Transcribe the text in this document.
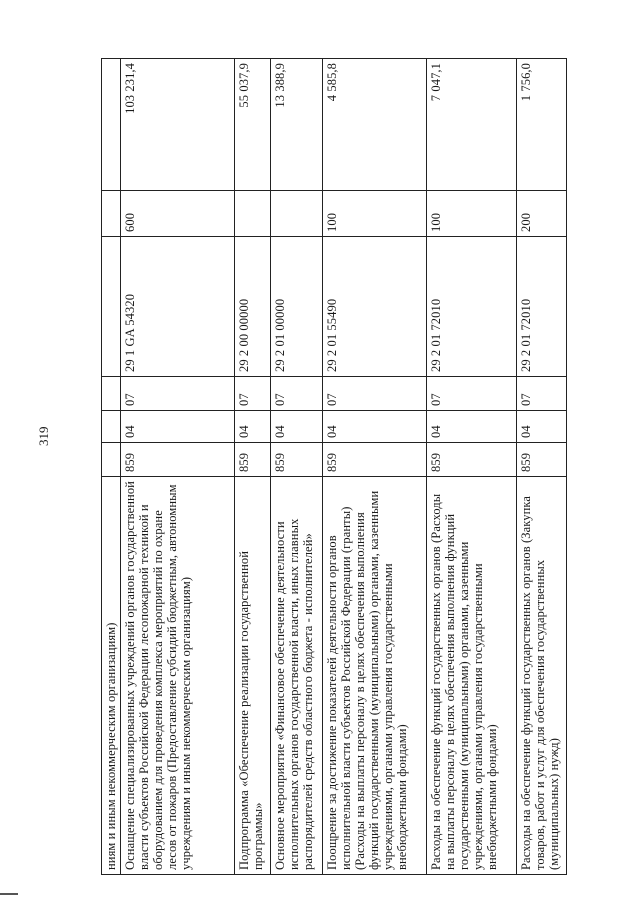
319
ниям и иным некоммерческим организациям)						
Оснащение специализированных учреждений органов государственной власти субъектов Российской Федерации лесопожарной техникой и оборудованием для проведения комплекса мероприятий по охране лесов от пожаров (Предоставление субсидий бюджетным, автономным учреждениям и иным некоммерческим организациям)	859	04	07	29 1 GA 54320	600	103 231,4
Подпрограмма «Обеспечение реализации государственной программы»	859	04	07	29 2 00 00000		55 037,9
Основное мероприятие «Финансовое обеспечение деятельности исполнительных органов государственной власти, иных главных распорядителей средств областного бюджета - исполнителей»	859	04	07	29 2 01 00000		13 388,9
Поощрение за достижение показателей деятельности органов исполнительной власти субъектов Российской Федерации (гранты) (Расходы на выплаты персоналу в целях обеспечения выполнения функций государственными (муниципальными) органами, казенными учреждениями, органами управления государственными внебюджетными фондами)	859	04	07	29 2 01 55490	100	4 585,8
Расходы на обеспечение функций государственных органов (Расходы на выплаты персоналу в целях обеспечения выполнения функций государственными (муниципальными) органами, казенными учреждениями, органами управления государственными внебюджетными фондами)	859	04	07	29 2 01 72010	100	7 047,1
Расходы на обеспечение функций государственных органов (Закупка товаров, работ и услуг для обеспечения государственных (муниципальных) нужд)	859	04	07	29 2 01 72010	200	1 756,0
